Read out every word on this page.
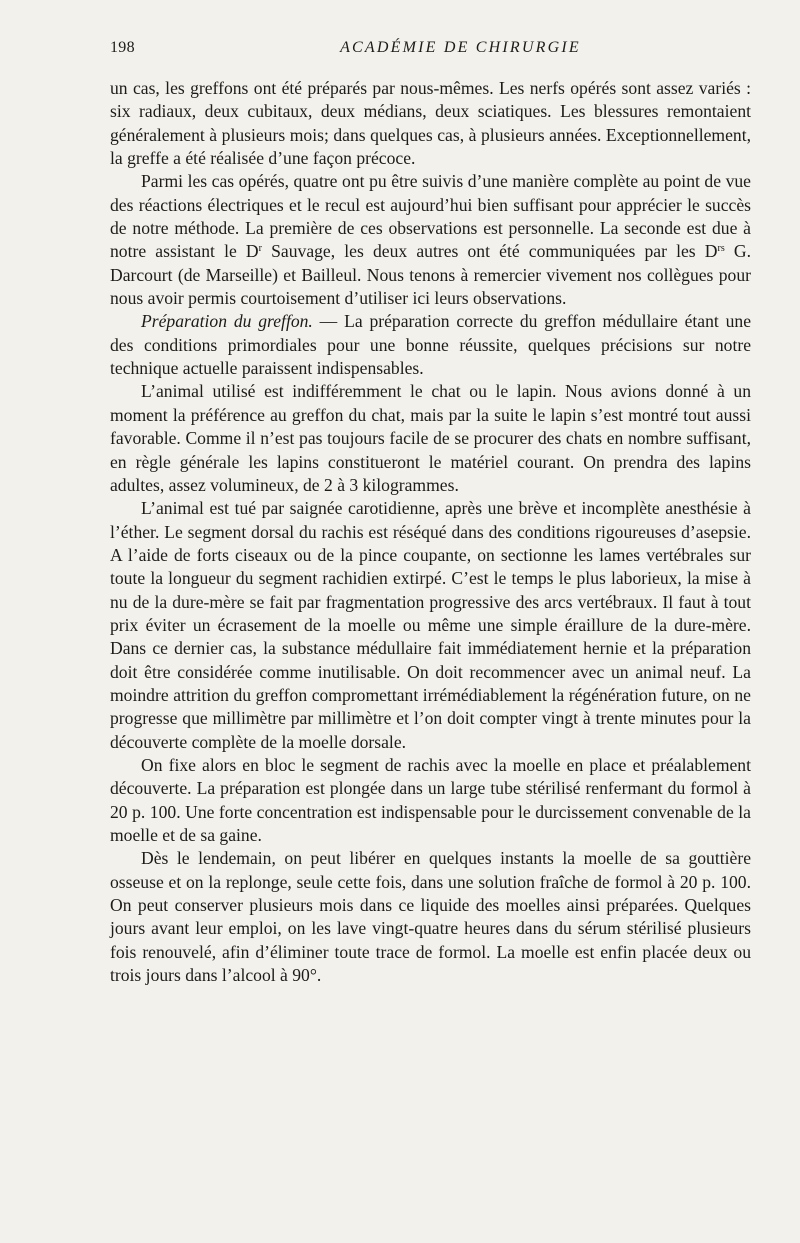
198	ACADÉMIE DE CHIRURGIE

un cas, les greffons ont été préparés par nous-mêmes. Les nerfs opérés sont assez variés : six radiaux, deux cubitaux, deux médians, deux sciatiques. Les blessures remontaient généralement à plusieurs mois; dans quelques cas, à plusieurs années. Exceptionnellement, la greffe a été réalisée d’une façon précoce.

Parmi les cas opérés, quatre ont pu être suivis d’une manière complète au point de vue des réactions électriques et le recul est aujourd’hui bien suffisant pour apprécier le succès de notre méthode. La première de ces observations est personnelle. La seconde est due à notre assistant le $D^r$ Sauvage, les deux autres ont été communiquées par les $D^{rs}$ G. Darcourt (de Marseille) et Bailleul. Nous tenons à remercier vivement nos collègues pour nous avoir permis courtoisement d’utiliser ici leurs observations.

Préparation du greffon. — La préparation correcte du greffon médullaire étant une des conditions primordiales pour une bonne réussite, quelques précisions sur notre technique actuelle paraissent indispensables.

L’animal utilisé est indifféremment le chat ou le lapin. Nous avions donné à un moment la préférence au greffon du chat, mais par la suite le lapin s’est montré tout aussi favorable. Comme il n’est pas toujours facile de se procurer des chats en nombre suffisant, en règle générale les lapins constitueront le matériel courant. On prendra des lapins adultes, assez volumineux, de 2 à 3 kilogrammes.

L’animal est tué par saignée carotidienne, après une brève et incomplète anesthésie à l’éther. Le segment dorsal du rachis est réséqué dans des conditions rigoureuses d’asepsie. A l’aide de forts ciseaux ou de la pince coupante, on sectionne les lames vertébrales sur toute la longueur du segment rachidien extirpé. C’est le temps le plus laborieux, la mise à nu de la dure-mère se fait par fragmentation progressive des arcs vertébraux. Il faut à tout prix éviter un écrasement de la moelle ou même une simple éraillure de la dure-mère. Dans ce dernier cas, la substance médullaire fait immédiatement hernie et la préparation doit être considérée comme inutilisable. On doit recommencer avec un animal neuf. La moindre attrition du greffon compromettant irrémédiablement la régénération future, on ne progresse que millimètre par millimètre et l’on doit compter vingt à trente minutes pour la découverte complète de la moelle dorsale.

On fixe alors en bloc le segment de rachis avec la moelle en place et préalablement découverte. La préparation est plongée dans un large tube stérilisé renfermant du formol à 20 p. 100. Une forte concentration est indispensable pour le durcissement convenable de la moelle et de sa gaine.

Dès le lendemain, on peut libérer en quelques instants la moelle de sa gouttière osseuse et on la replonge, seule cette fois, dans une solution fraîche de formol à 20 p. 100. On peut conserver plusieurs mois dans ce liquide des moelles ainsi préparées. Quelques jours avant leur emploi, on les lave vingt-quatre heures dans du sérum stérilisé plusieurs fois renouvelé, afin d’éliminer toute trace de formol. La moelle est enfin placée deux ou trois jours dans l’alcool à 90°.
